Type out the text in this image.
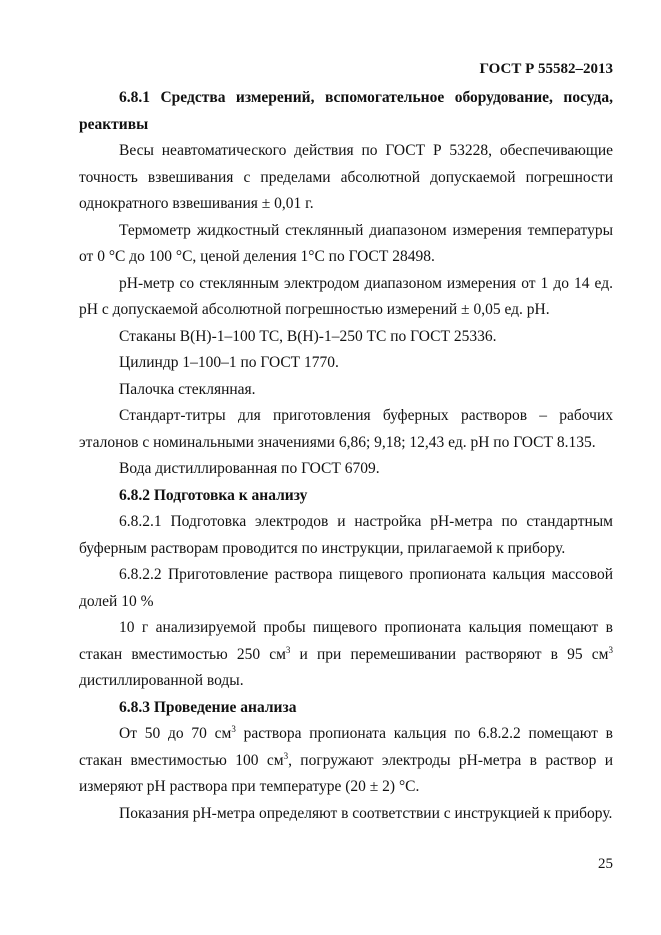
ГОСТ Р 55582–2013

6.8.1 Средства измерений, вспомогательное оборудование, посуда, реактивы

Весы неавтоматического действия по ГОСТ Р 53228, обеспечивающие точность взвешивания с пределами абсолютной допускаемой погрешности однократного взвешивания ± 0,01 г.

Термометр жидкостный стеклянный диапазоном измерения температуры от 0 °С до 100 °С, ценой деления 1°С по ГОСТ 28498.

рН-метр со стеклянным электродом диапазоном измерения от 1 до 14 ед. рН с допускаемой абсолютной погрешностью измерений ± 0,05 ед. рН.

Стаканы В(Н)-1–100 ТС, В(Н)-1–250 ТС по ГОСТ 25336.

Цилиндр 1–100–1 по ГОСТ 1770.

Палочка стеклянная.

Стандарт-титры для приготовления буферных растворов – рабочих эталонов с номинальными значениями 6,86; 9,18; 12,43 ед. рН по ГОСТ 8.135.

Вода дистиллированная по ГОСТ 6709.

6.8.2 Подготовка к анализу

6.8.2.1 Подготовка электродов и настройка рН-метра по стандартным буферным растворам проводится по инструкции, прилагаемой к прибору.

6.8.2.2 Приготовление раствора пищевого пропионата кальция массовой долей 10 %

10 г анализируемой пробы пищевого пропионата кальция помещают в стакан вместимостью 250 $см^3$ и при перемешивании растворяют в 95 $см^3$ дистиллированной воды.

6.8.3 Проведение анализа

От 50 до 70 $см^3$ раствора пропионата кальция по 6.8.2.2 помещают в стакан вместимостью 100 $см^3$, погружают электроды рН-метра в раствор и измеряют рН раствора при температуре (20 ± 2) °С.

Показания рН-метра определяют в соответствии с инструкцией к прибору.

25
